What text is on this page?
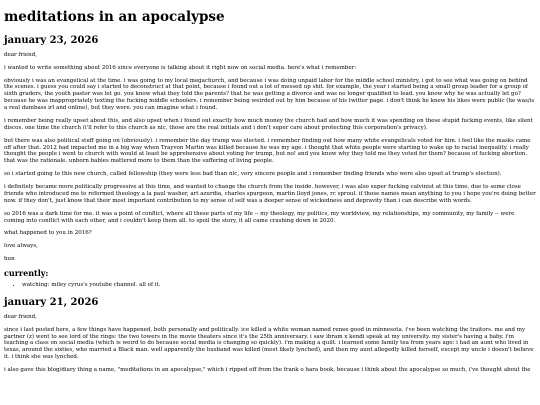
meditations in an apocalypse
january 23, 2026

dear friend,

i wanted to write something about 2016 since everyone is talking about it right now on social media. here's what i remember:

obviously i was an evangelical at the time. i was going to my local megachurch, and because i was doing unpaid labor for the middle school ministry, i got to see what was going on behind the scenes. i guess you could say i started to deconstruct at that point, because i found out a lot of messed up shit. for example, the year i started being a small group leader for a group of sixth graders, the youth pastor was let go. you know what they told the parents? that he was getting a divorce and was no longer qualified to lead. you know why he was actually let go? because he was inappropriately texting the fucking middle schoolers. i remember being weirded out by him because of his twitter page. i don't think he knew his likes were public (he was/is a real dumbass irl and online), but they were. you can imagine what i found.

i remember being really upset about this, and also upset when i found out exactly how much money the church had and how much it was spending on these stupid fucking events, like silent discos. one time the church (i'll refer to this church as nlc, those are the real initials and i don't super care about protecting this corporation's privacy).

but there was also political stuff going on (obviously). i remember the day trump was elected. i remember finding out how many white evangelicals voted for him. i feel like the masks came off after that. 2012 had impacted me in a big way when Trayvon Martin was killed because he was my age. i thought that white people were starting to wake up to racial inequality. i really thought the people i went to church with would at least be apprehensive about voting for trump, but no! and you know why they told me they voted for them? because of fucking abortion. that was the rationale. unborn babies mattered more to them than the suffering of living people.

so i started going to this new church, called fellowship (they were less bad than nlc, very sincere people and i remember finding friends who were also upset at trump's election).

i definitely became more politically progressive at this time, and wanted to change the church from the inside. however, i was also super fucking calvinist at this time, due to some close friends who introduced me to reformed theology a la paul washer, art azurdia, charles spurgeon, martin lloyd jones, rc sproul. if those names mean anything to you i hope you're doing better now. if they don't, just know that their most important contribution to my sense of self was a deeper sense of wickedness and depravity than i can describe with words.

so 2016 was a dark time for me. it was a point of conflict, where all these parts of my life -- my theology, my politics, my worldview, my relationships, my community, my family -- were coming into conflict with each other, and i couldn't keep them all. to spoil the story, it all came crashing down in 2020.

what happened to you in 2016?

love always,

hun

currently:
• watching: miley cyrus's youtube channel. all of it.
january 21, 2026

dear friend,

since i last posted here, a few things have happened, both personally and politically. ice killed a white woman named renee good in minnesota. i've been watching the traitors. me and my partner (z) went to see lord of the rings: the two towers in the movie theaters since it's the 25th anniversary. i saw ibram x kendi speak at my university. my sister's having a baby. i'm teaching a class on social media (which is weird to do because social media is changing so quickly). i'm making a quilt. i learned some family tea from years ago: i had an aunt who lived in texas, around the sixties, who married a Black man. well apparently the husband was killed (most likely lynched), and then my aunt allegedly killed herself, except my uncle i doesn't believe it. i think she was lynched.

i also gave this blog/diary thing a name, "meditations in an apocalypse," which i ripped off from the frank o hara book, because i think about the apocalypse so much, i've thought about the
